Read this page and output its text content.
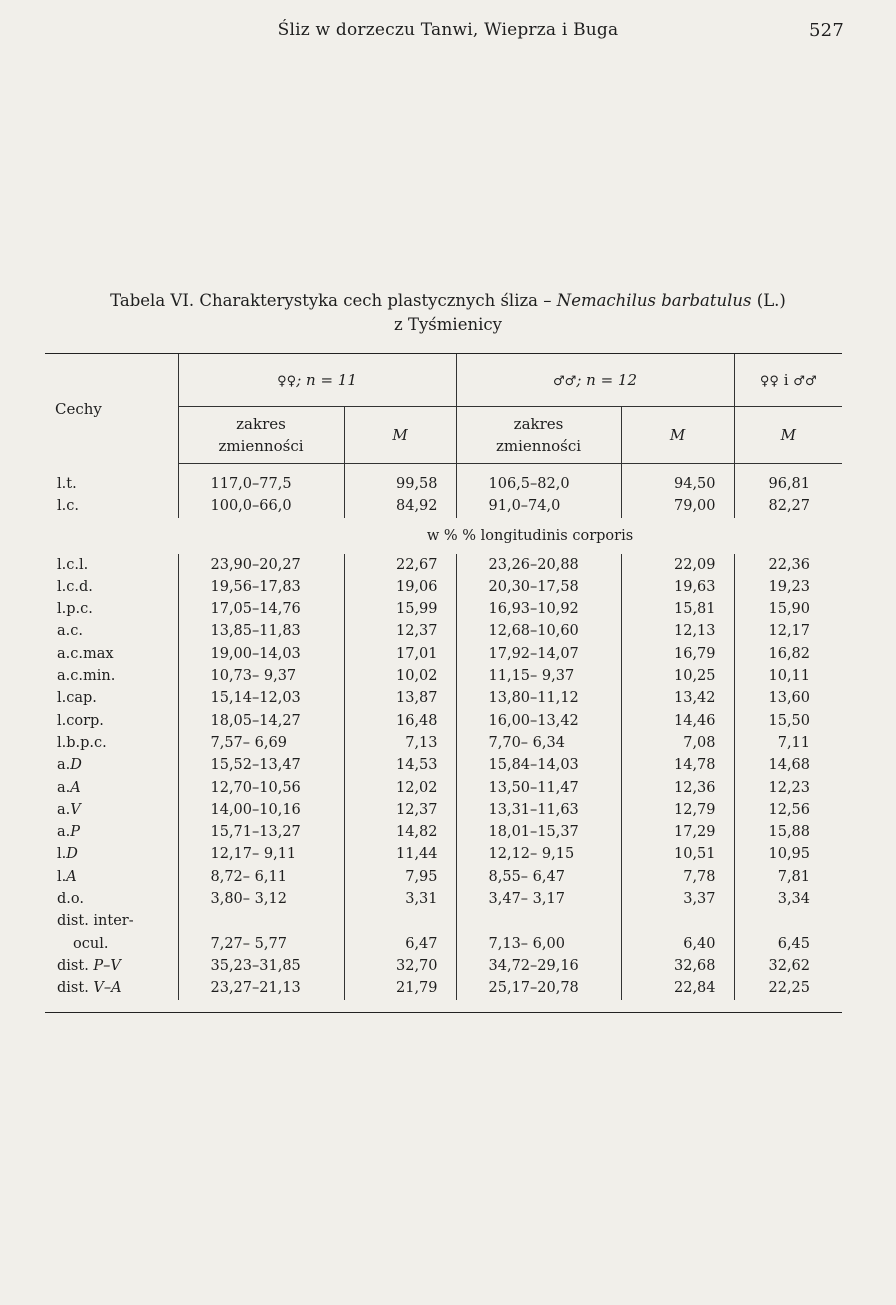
Śliz w dorzeczu Tanwi, Wieprza i Buga	527
Tabela VI. Charakterystyka cech plastycznych śliza – Nemachilus barbatulus (L.)
z Tyśmienicy
Cechy	♀♀; n = 11		♂♂; n = 12		♀♀ i ♂♂
	zakres
zmienności	M	zakres
zmienności	M	M
l.t.	117,0–77,5	99,58	106,5–82,0	94,50	96,81
l.c.	100,0–66,0	84,92	91,0–74,0	79,00	82,27
	w % % longitudinis corporis				
l.c.l.	23,90–20,27	22,67	23,26–20,88	22,09	22,36
l.c.d.	19,56–17,83	19,06	20,30–17,58	19,63	19,23
l.p.c.	17,05–14,76	15,99	16,93–10,92	15,81	15,90
a.c.	13,85–11,83	12,37	12,68–10,60	12,13	12,17
a.c.max	19,00–14,03	17,01	17,92–14,07	16,79	16,82
a.c.min.	10,73– 9,37	10,02	11,15– 9,37	10,25	10,11
l.cap.	15,14–12,03	13,87	13,80–11,12	13,42	13,60
l.corp.	18,05–14,27	16,48	16,00–13,42	14,46	15,50
l.b.p.c.	7,57– 6,69	7,13	7,70– 6,34	7,08	7,11
a.D	15,52–13,47	14,53	15,84–14,03	14,78	14,68
a.A	12,70–10,56	12,02	13,50–11,47	12,36	12,23
a.V	14,00–10,16	12,37	13,31–11,63	12,79	12,56
a.P	15,71–13,27	14,82	18,01–15,37	17,29	15,88
l.D	12,17– 9,11	11,44	12,12– 9,15	10,51	10,95
l.A	8,72– 6,11	7,95	8,55– 6,47	7,78	7,81
d.o.	3,80– 3,12	3,31	3,47– 3,17	3,37	3,34
dist. inter-					
ocul.	7,27– 5,77	6,47	7,13– 6,00	6,40	6,45
dist. P–V	35,23–31,85	32,70	34,72–29,16	32,68	32,62
dist. V–A	23,27–21,13	21,79	25,17–20,78	22,84	22,25
